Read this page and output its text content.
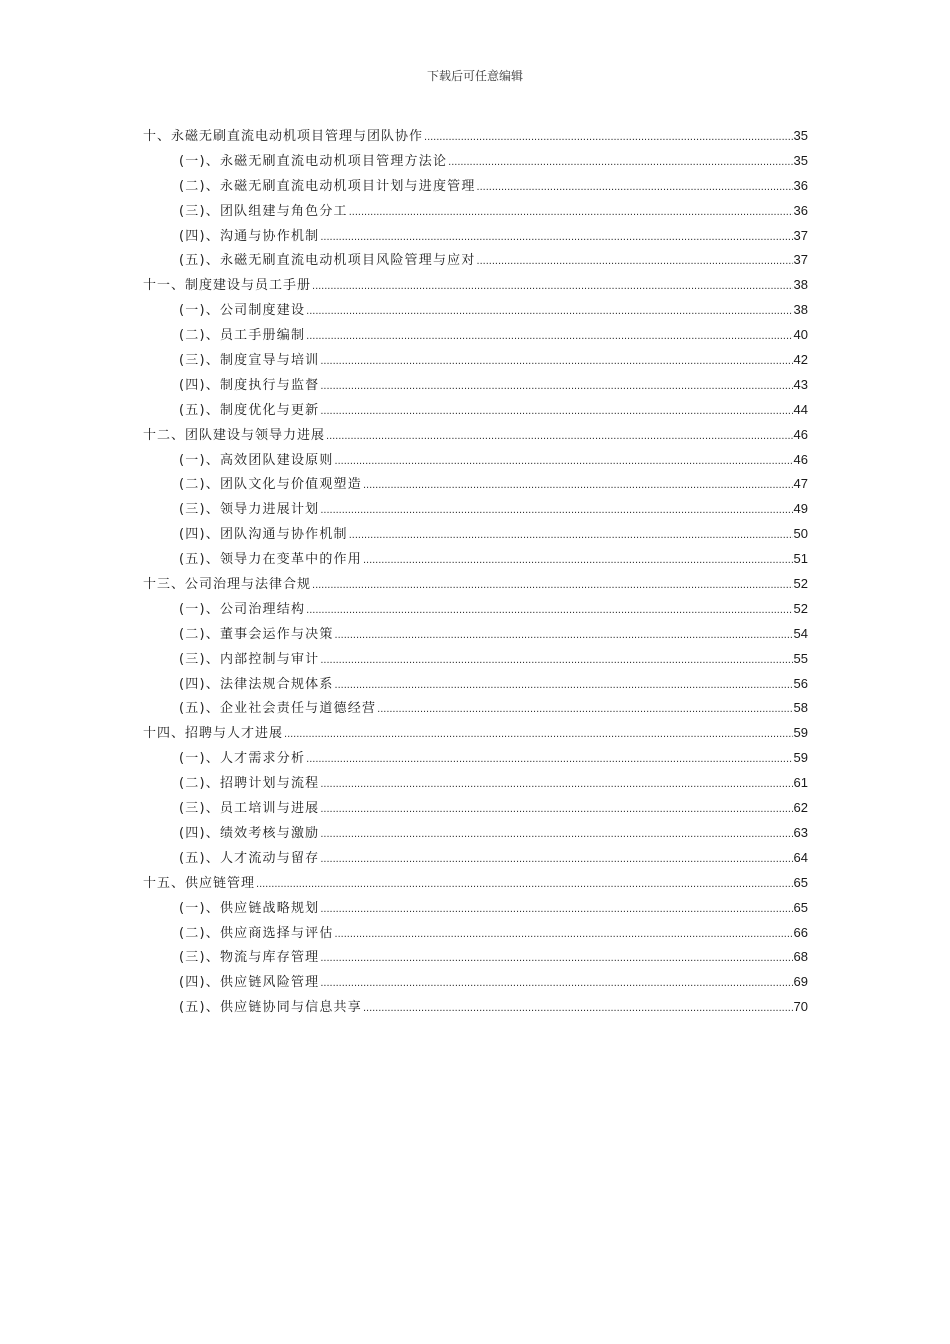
下载后可任意编辑
十、永磁无刷直流电动机项目管理与团队协作 .....	35
(一)、永磁无刷直流电动机项目管理方法论 .....	35
(二)、永磁无刷直流电动机项目计划与进度管理 .....	36
(三)、团队组建与角色分工 .....	36
(四)、沟通与协作机制 .....	37
(五)、永磁无刷直流电动机项目风险管理与应对 .....	37
十一、制度建设与员工手册 .....	38
(一)、公司制度建设 .....	38
(二)、员工手册编制 .....	40
(三)、制度宣导与培训 .....	42
(四)、制度执行与监督 .....	43
(五)、制度优化与更新 .....	44
十二、团队建设与领导力进展 .....	46
(一)、高效团队建设原则 .....	46
(二)、团队文化与价值观塑造 .....	47
(三)、领导力进展计划 .....	49
(四)、团队沟通与协作机制 .....	50
(五)、领导力在变革中的作用 .....	51
十三、公司治理与法律合规 .....	52
(一)、公司治理结构 .....	52
(二)、董事会运作与决策 .....	54
(三)、内部控制与审计 .....	55
(四)、法律法规合规体系 .....	56
(五)、企业社会责任与道德经营 .....	58
十四、招聘与人才进展 .....	59
(一)、人才需求分析 .....	59
(二)、招聘计划与流程 .....	61
(三)、员工培训与进展 .....	62
(四)、绩效考核与激励 .....	63
(五)、人才流动与留存 .....	64
十五、供应链管理 .....	65
(一)、供应链战略规划 .....	65
(二)、供应商选择与评估 .....	66
(三)、物流与库存管理 .....	68
(四)、供应链风险管理 .....	69
(五)、供应链协同与信息共享 .....	70
